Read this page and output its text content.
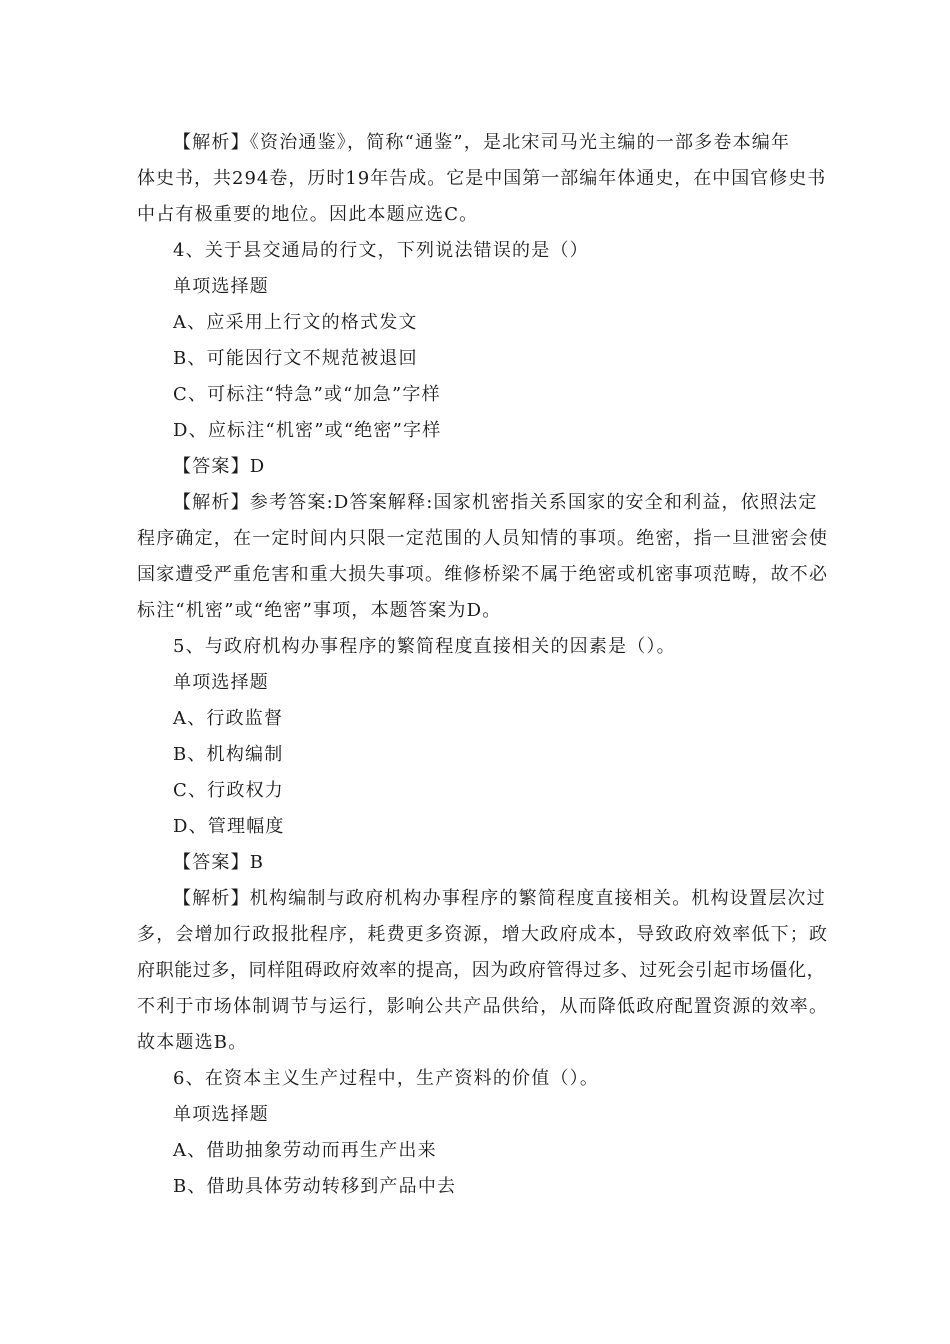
【解析】《资治通鉴》，简称“通鉴”，是北宋司马光主编的一部多卷本编年
体史书，共294卷，历时19年告成。它是中国第一部编年体通史，在中国官修史书
中占有极重要的地位。因此本题应选C。
4、关于县交通局的行文，下列说法错误的是（）
单项选择题
A、应采用上行文的格式发文
B、可能因行文不规范被退回
C、可标注“特急”或“加急”字样
D、应标注“机密”或“绝密”字样
【答案】D
【解析】参考答案:D答案解释:国家机密指关系国家的安全和利益，依照法定
程序确定，在一定时间内只限一定范围的人员知情的事项。绝密，指一旦泄密会使
国家遭受严重危害和重大损失事项。维修桥梁不属于绝密或机密事项范畴，故不必
标注“机密”或“绝密”事项，本题答案为D。
5、与政府机构办事程序的繁简程度直接相关的因素是（）。
单项选择题
A、行政监督
B、机构编制
C、行政权力
D、管理幅度
【答案】B
【解析】机构编制与政府机构办事程序的繁简程度直接相关。机构设置层次过
多，会增加行政报批程序，耗费更多资源，增大政府成本，导致政府效率低下；政
府职能过多，同样阻碍政府效率的提高，因为政府管得过多、过死会引起市场僵化，
不利于市场体制调节与运行，影响公共产品供给，从而降低政府配置资源的效率。
故本题选B。
6、在资本主义生产过程中，生产资料的价值（）。
单项选择题
A、借助抽象劳动而再生产出来
B、借助具体劳动转移到产品中去
